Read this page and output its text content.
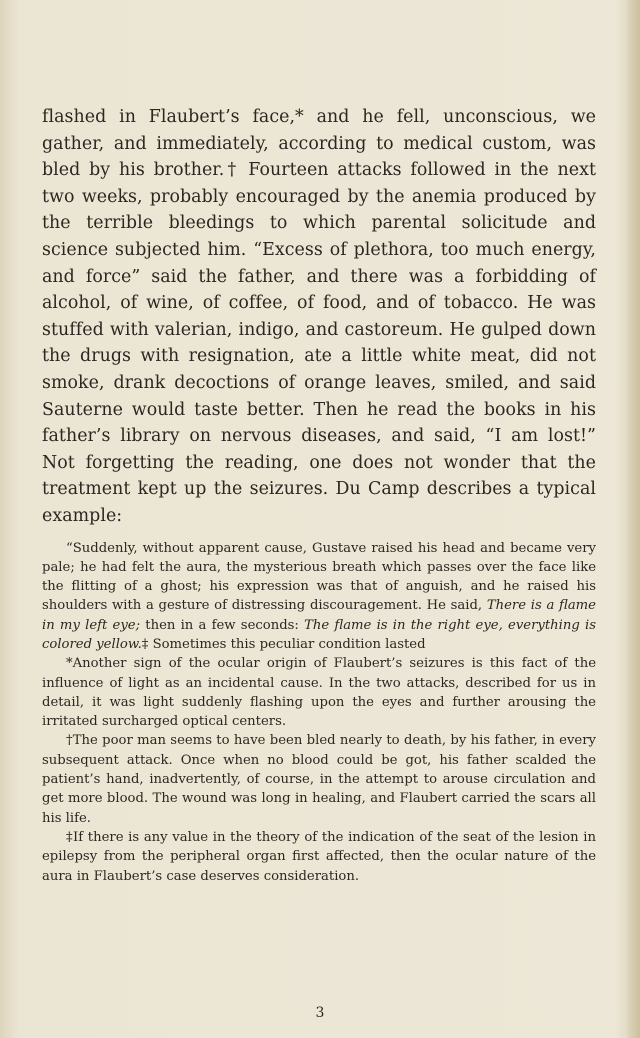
flashed in Flaubert’s face,* and he fell, unconscious, we gather, and immediately, according to medical custom, was bled by his brother.† Fourteen attacks followed in the next two weeks, probably encouraged by the anemia produced by the terrible bleedings to which parental solicitude and science subjected him. “Excess of plethora, too much energy, and force” said the father, and there was a forbidding of alcohol, of wine, of coffee, of food, and of tobacco. He was stuffed with valerian, indigo, and castoreum. He gulped down the drugs with resignation, ate a little white meat, did not smoke, drank decoctions of orange leaves, smiled, and said Sauterne would taste better. Then he read the books in his father’s library on nervous diseases, and said, “I am lost!” Not forgetting the reading, one does not wonder that the treatment kept up the seizures. Du Camp describes a typical example:

“Suddenly, without apparent cause, Gustave raised his head and became very pale; he had felt the aura, the mysterious breath which passes over the face like the flitting of a ghost; his expression was that of anguish, and he raised his shoulders with a gesture of distressing discouragement. He said, There is a flame in my left eye; then in a few seconds: The flame is in the right eye, everything is colored yellow.‡ Sometimes this peculiar condition lasted

*Another sign of the ocular origin of Flaubert’s seizures is this fact of the influence of light as an incidental cause. In the two attacks, described for us in detail, it was light suddenly flashing upon the eyes and further arousing the irritated surcharged optical centers.

†The poor man seems to have been bled nearly to death, by his father, in every subsequent attack. Once when no blood could be got, his father scalded the patient’s hand, inadvertently, of course, in the attempt to arouse circulation and get more blood. The wound was long in healing, and Flaubert carried the scars all his life.

‡If there is any value in the theory of the indication of the seat of the lesion in epilepsy from the peripheral organ first affected, then the ocular nature of the aura in Flaubert’s case deserves consideration.

3
